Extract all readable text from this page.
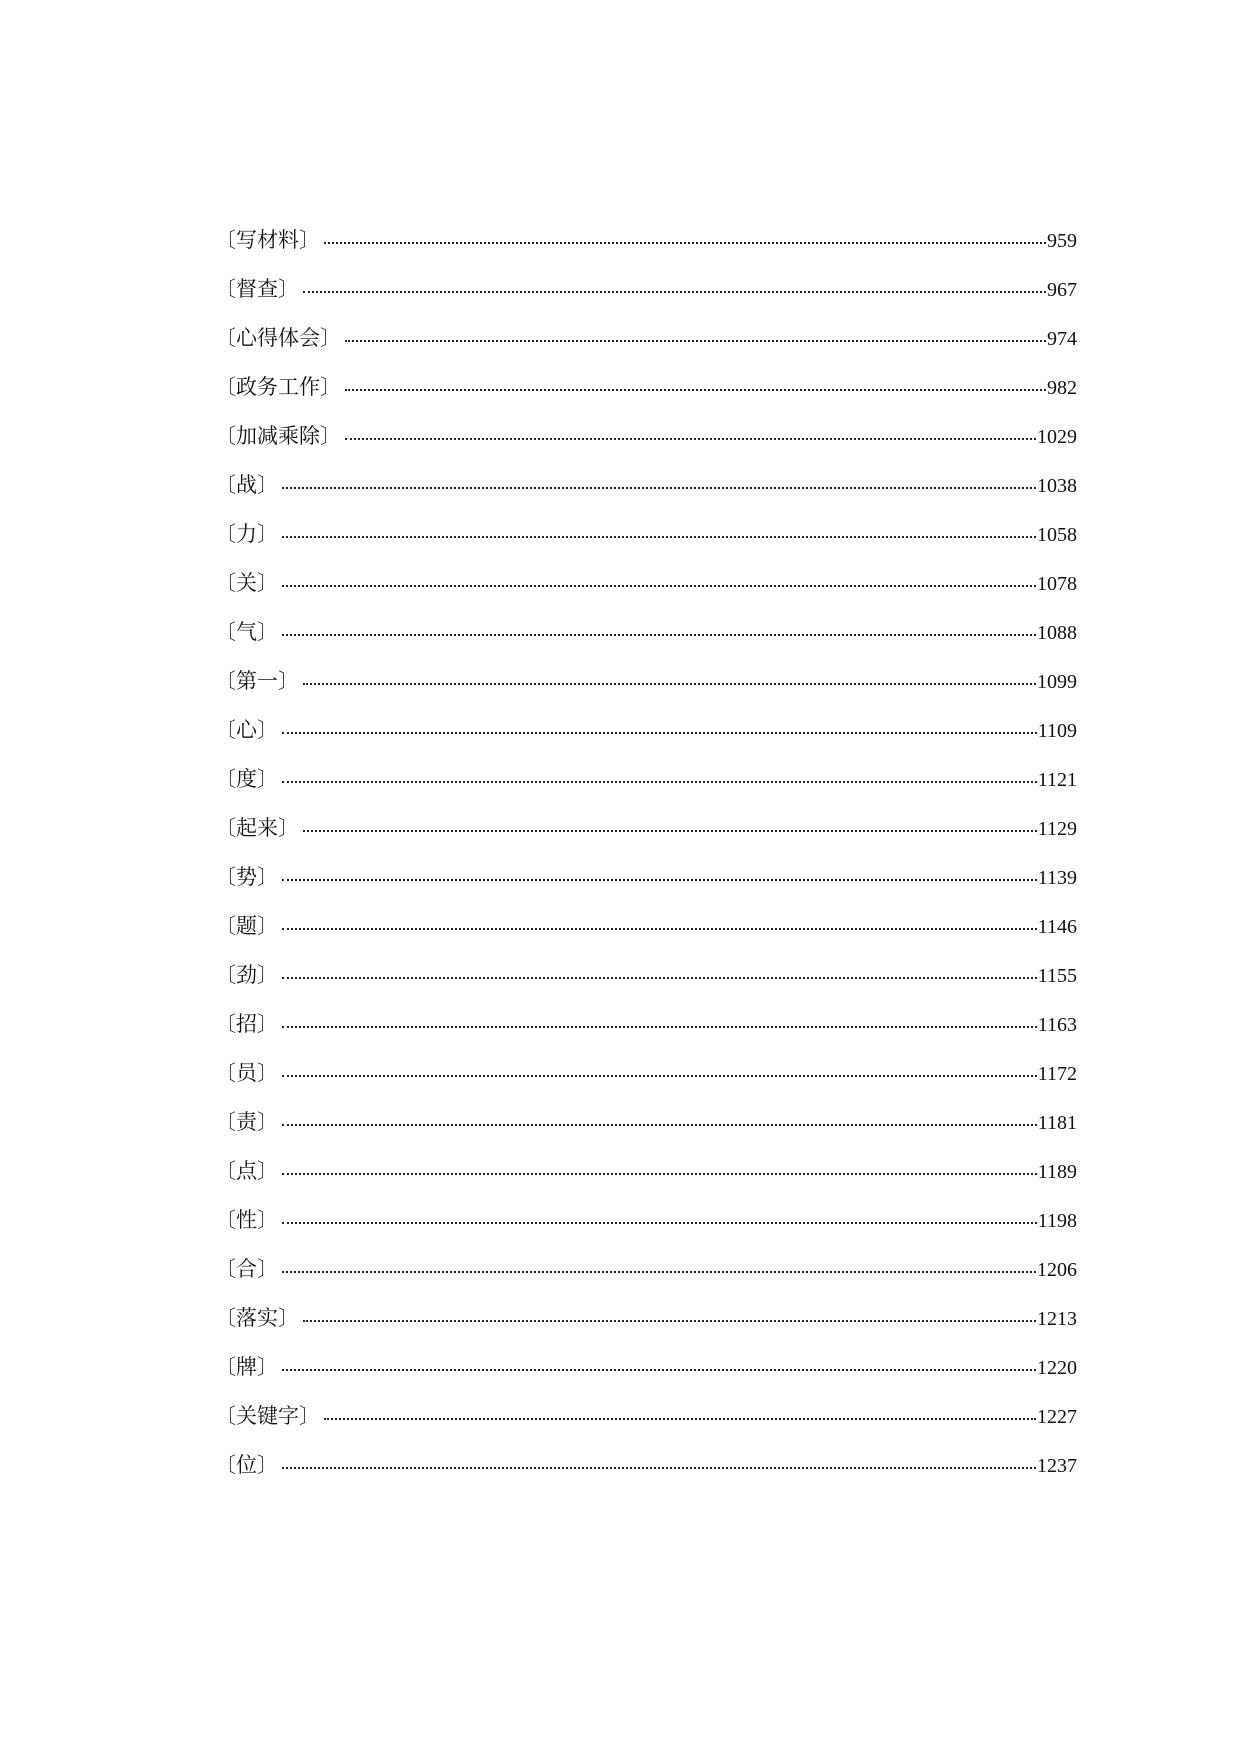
〔写材料〕	959
〔督查〕	967
〔心得体会〕	974
〔政务工作〕	982
〔加减乘除〕	1029
〔战〕	1038
〔力〕	1058
〔关〕	1078
〔气〕	1088
〔第一〕	1099
〔心〕	1109
〔度〕	1121
〔起来〕	1129
〔势〕	1139
〔题〕	1146
〔劲〕	1155
〔招〕	1163
〔员〕	1172
〔责〕	1181
〔点〕	1189
〔性〕	1198
〔合〕	1206
〔落实〕	1213
〔牌〕	1220
〔关键字〕	1227
〔位〕	1237
